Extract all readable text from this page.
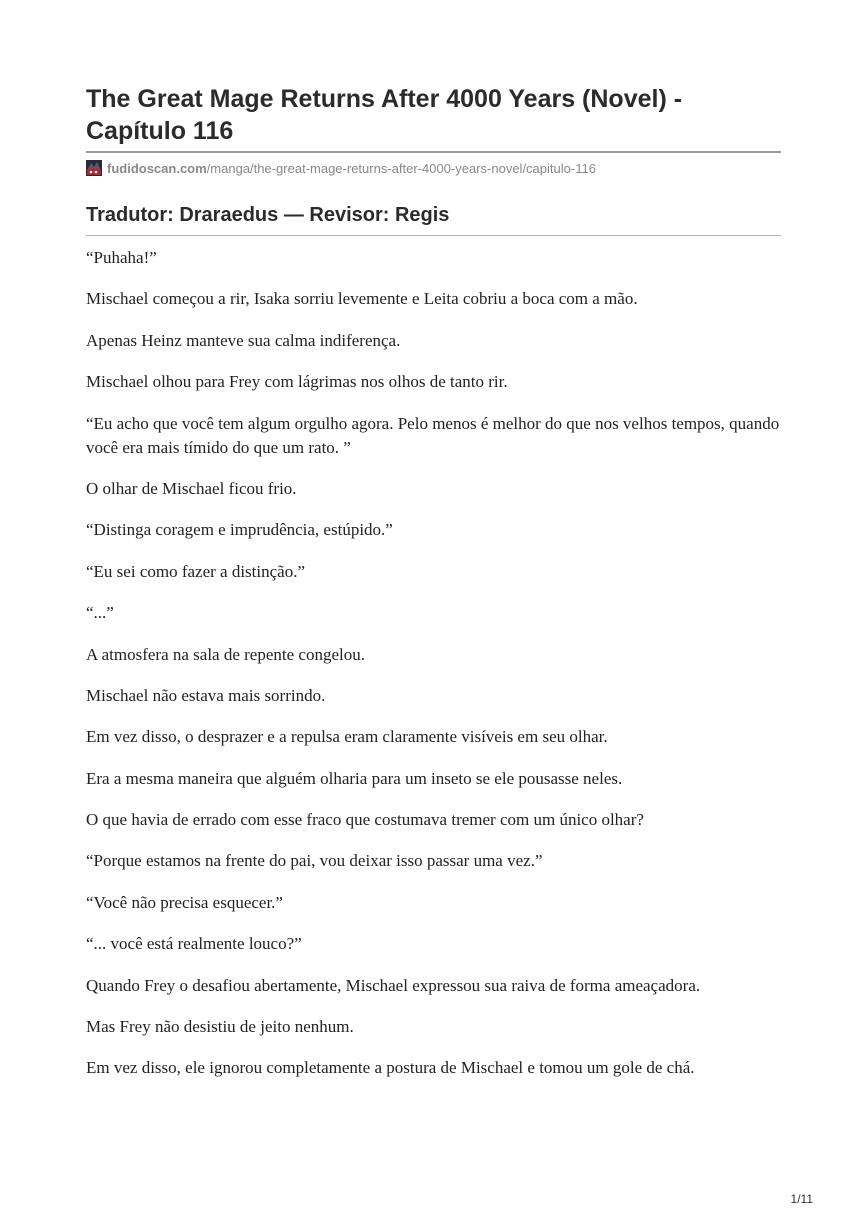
The Great Mage Returns After 4000 Years (Novel) - Capítulo 116
fudidoscan.com /manga/the-great-mage-returns-after-4000-years-novel/capitulo-116
Tradutor: Draraedus — Revisor: Regis

“Puhaha!”

Mischael começou a rir, Isaka sorriu levemente e Leita cobriu a boca com a mão.

Apenas Heinz manteve sua calma indiferença.

Mischael olhou para Frey com lágrimas nos olhos de tanto rir.

“Eu acho que você tem algum orgulho agora. Pelo menos é melhor do que nos velhos tempos, quando você era mais tímido do que um rato. ”

O olhar de Mischael ficou frio.

“Distinga coragem e imprudência, estúpido.”

“Eu sei como fazer a distinção.”

“...”

A atmosfera na sala de repente congelou.

Mischael não estava mais sorrindo.

Em vez disso, o desprazer e a repulsa eram claramente visíveis em seu olhar.

Era a mesma maneira que alguém olharia para um inseto se ele pousasse neles.

O que havia de errado com esse fraco que costumava tremer com um único olhar?

“Porque estamos na frente do pai, vou deixar isso passar uma vez.”

“Você não precisa esquecer.”

“... você está realmente louco?”

Quando Frey o desafiou abertamente, Mischael expressou sua raiva de forma ameaçadora.

Mas Frey não desistiu de jeito nenhum.

Em vez disso, ele ignorou completamente a postura de Mischael e tomou um gole de chá.

1/11
